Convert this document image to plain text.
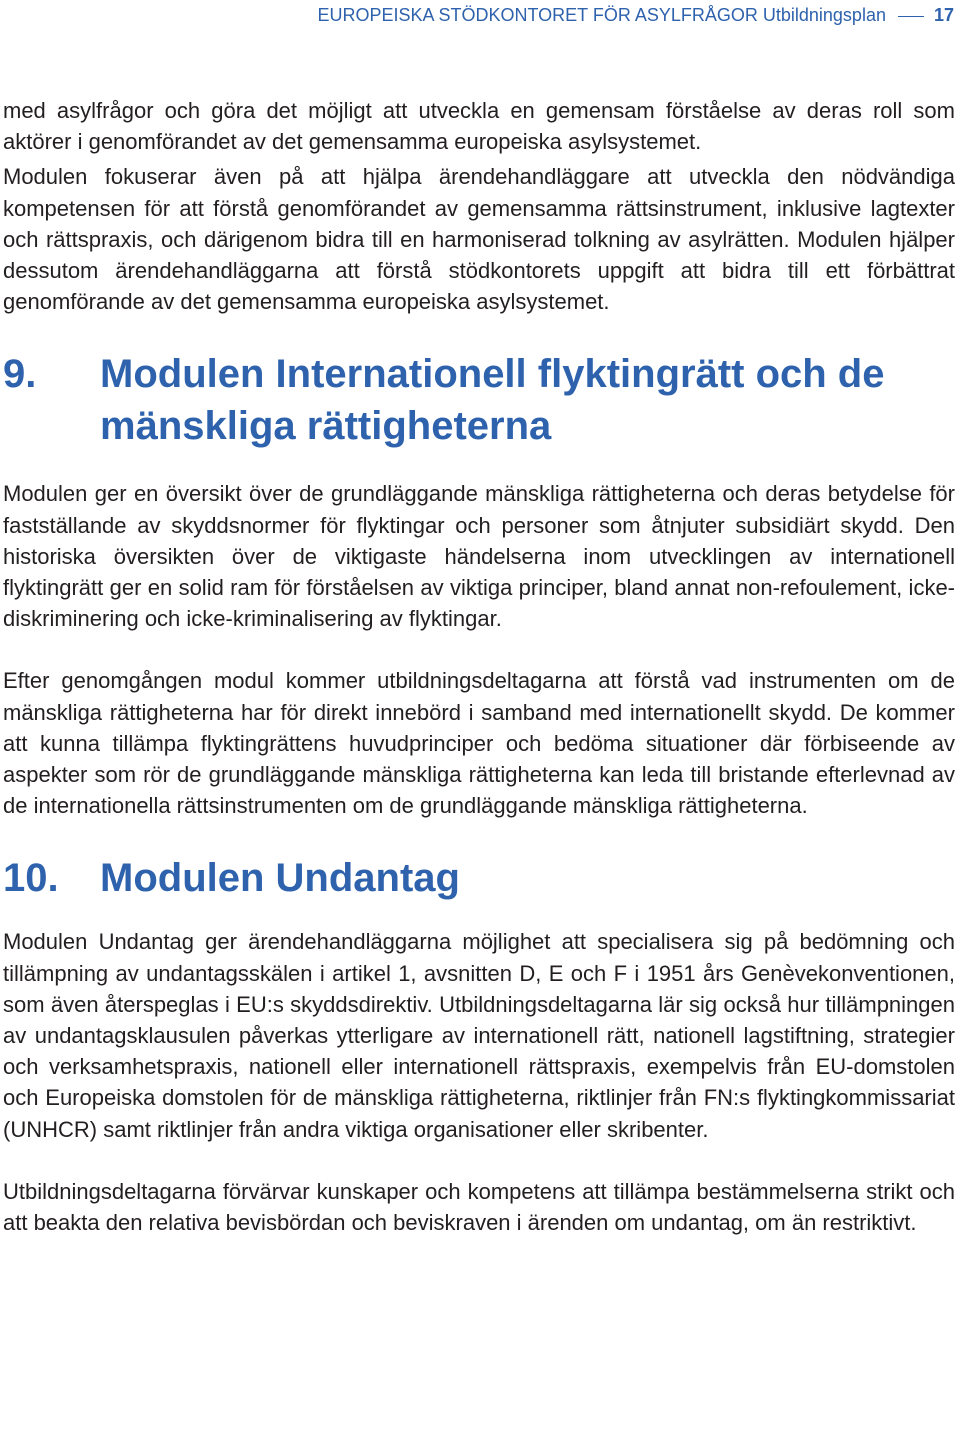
EUROPEISKA STÖDKONTORET FÖR ASYLFRÅGOR Utbildningsplan	17

med asylfrågor och göra det möjligt att utveckla en gemensam förståelse av deras roll som aktörer i genomförandet av det gemensamma europeiska asylsystemet.

Modulen fokuserar även på att hjälpa ärendehandläggare att utveckla den nödvändiga kompetensen för att förstå genomförandet av gemensamma rättsinstrument, inklusive lagtexter och rättspraxis, och därigenom bidra till en harmoniserad tolkning av asylrätten. Modulen hjälper dessutom ärendehandläggarna att förstå stödkontorets uppgift att bidra till ett förbättrat genomförande av det gemensamma europeiska asylsystemet.

9.	Modulen Internationell flyktingrätt och de mänskliga rättigheterna

Modulen ger en översikt över de grundläggande mänskliga rättigheterna och deras betydelse för fastställande av skyddsnormer för flyktingar och personer som åtnjuter subsidiärt skydd. Den historiska översikten över de viktigaste händelserna inom utvecklingen av internationell flyktingrätt ger en solid ram för förståelsen av viktiga principer, bland annat non-refoulement, icke-diskriminering och icke-kriminalisering av flyktingar.

Efter genomgången modul kommer utbildningsdeltagarna att förstå vad instrumenten om de mänskliga rättigheterna har för direkt innebörd i samband med internationellt skydd. De kommer att kunna tillämpa flyktingrättens huvudprinciper och bedöma situationer där förbiseende av aspekter som rör de grundläggande mänskliga rättigheterna kan leda till bristande efterlevnad av de internationella rättsinstrumenten om de grundläggande mänskliga rättigheterna.

10.	Modulen Undantag

Modulen Undantag ger ärendehandläggarna möjlighet att specialisera sig på bedömning och tillämpning av undantagsskälen i artikel 1, avsnitten D, E och F i 1951 års Genèvekonventionen, som även återspeglas i EU:s skyddsdirektiv. Utbildningsdeltagarna lär sig också hur tillämpningen av undantagsklausulen påverkas ytterligare av internationell rätt, nationell lagstiftning, strategier och verksamhetspraxis, nationell eller internationell rättspraxis, exempelvis från EU-domstolen och Europeiska domstolen för de mänskliga rättigheterna, riktlinjer från FN:s flyktingkommissariat (UNHCR) samt riktlinjer från andra viktiga organisationer eller skribenter.

Utbildningsdeltagarna förvärvar kunskaper och kompetens att tillämpa bestämmelserna strikt och att beakta den relativa bevisbördan och beviskraven i ärenden om undantag, om än restriktivt.
